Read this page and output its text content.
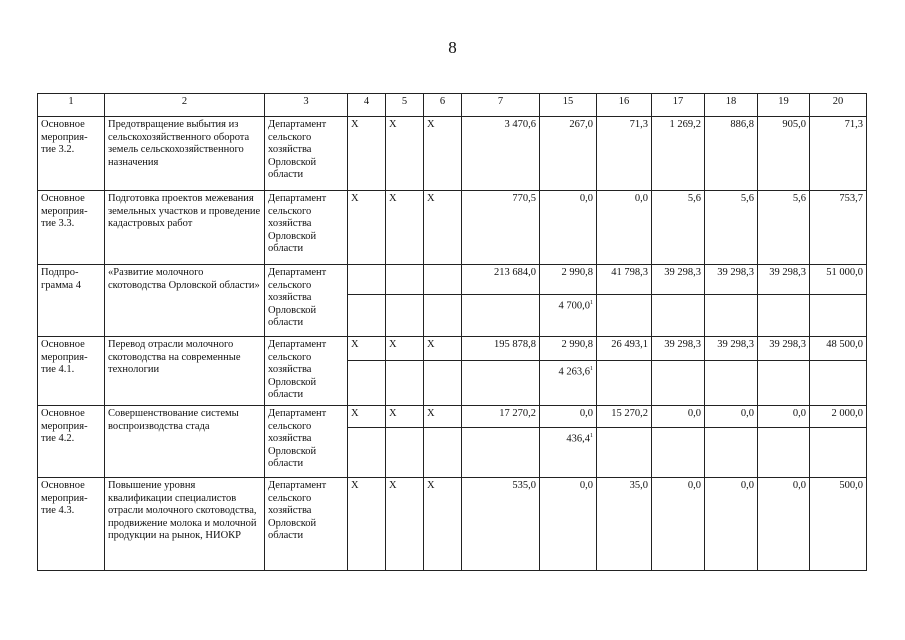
8
1	2	3	4	5	6	7	15	16	17	18	19	20
Основное мероприя-тие 3.2.	Предотвращение выбытия из сельскохозяйственного оборота земель сельскохозяйственного назначения	Департамент сельского хозяйства Орловской области	X	X	X	3 470,6	267,0	71,3	1 269,2	886,8	905,0	71,3
Основное мероприя-тие 3.3.	Подготовка проектов межевания земельных участков и проведение кадастровых работ	Департамент сельского хозяйства Орловской области	X	X	X	770,5	0,0	0,0	5,6	5,6	5,6	753,7
Подпро-грамма 4	«Развитие молочного скотоводства Орловской области»	Департамент сельского хозяйства Орловской области				213 684,0	2 990,8	41 798,3	39 298,3	39 298,3	39 298,3	51 000,0
							4 700,0$^1$					
Основное мероприя-тие 4.1.	Перевод отрасли молочного скотоводства на современные технологии	Департамент сельского хозяйства Орловской области	X	X	X	195 878,8	2 990,8	26 493,1	39 298,3	39 298,3	39 298,3	48 500,0
							4 263,6$^1$					
Основное мероприя-тие 4.2.	Совершенствование системы воспроизводства стада	Департамент сельского хозяйства Орловской области	X	X	X	17 270,2	0,0	15 270,2	0,0	0,0	0,0	2 000,0
							436,4$^1$					
Основное мероприя-тие 4.3.	Повышение уровня квалификации специалистов отрасли молочного скотоводства, продвижение молока и молочной продукции на рынок, НИОКР	Департамент сельского хозяйства Орловской области	X	X	X	535,0	0,0	35,0	0,0	0,0	0,0	500,0
